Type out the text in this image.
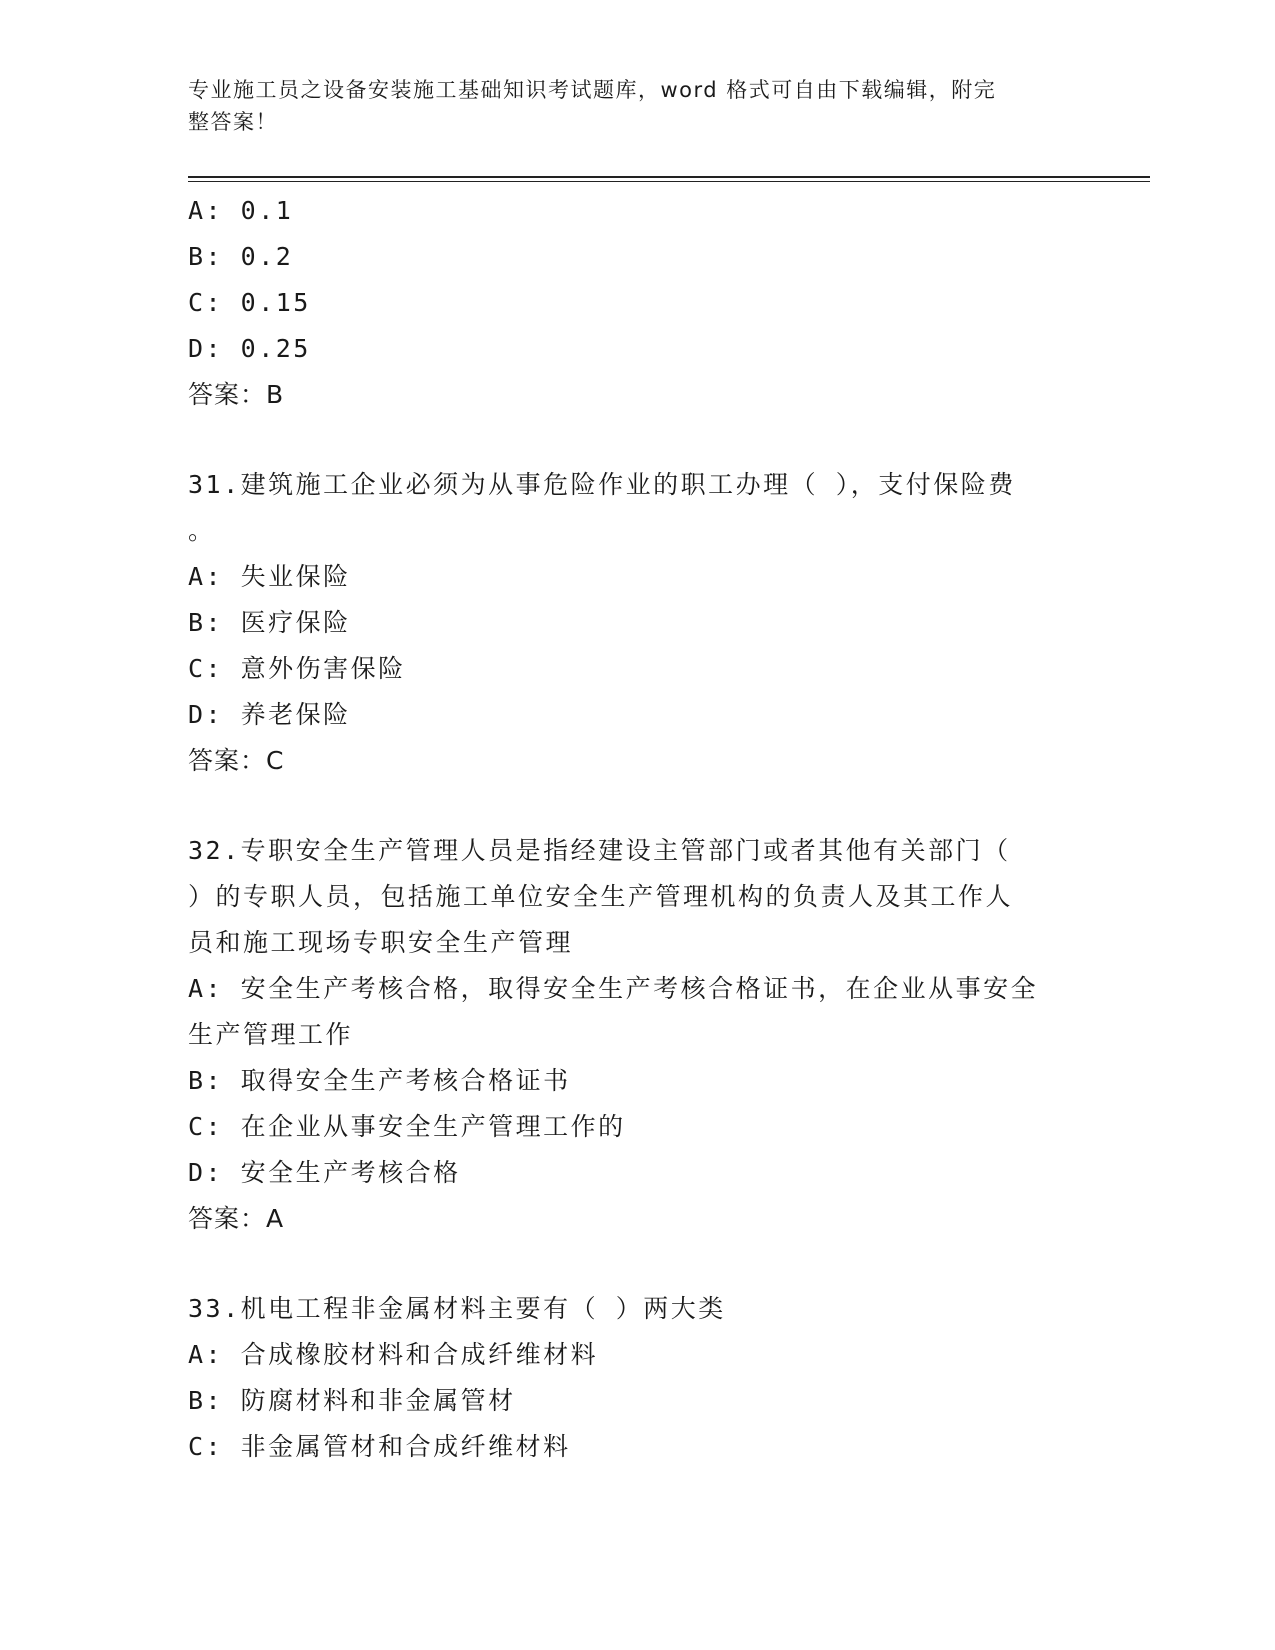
专业施工员之设备安装施工基础知识考试题库，word 格式可自由下载编辑，附完
整答案！
A: 0.1
B: 0.2
C: 0.15
D: 0.25
答案：B
31.建筑施工企业必须为从事危险作业的职工办理（ ），支付保险费
。
A: 失业保险
B: 医疗保险
C: 意外伤害保险
D: 养老保险
答案：C
32.专职安全生产管理人员是指经建设主管部门或者其他有关部门（
）的专职人员，包括施工单位安全生产管理机构的负责人及其工作人
员和施工现场专职安全生产管理
A: 安全生产考核合格，取得安全生产考核合格证书，在企业从事安全
生产管理工作
B: 取得安全生产考核合格证书
C: 在企业从事安全生产管理工作的
D: 安全生产考核合格
答案：A
33.机电工程非金属材料主要有（ ）两大类
A: 合成橡胶材料和合成纤维材料
B: 防腐材料和非金属管材
C: 非金属管材和合成纤维材料
